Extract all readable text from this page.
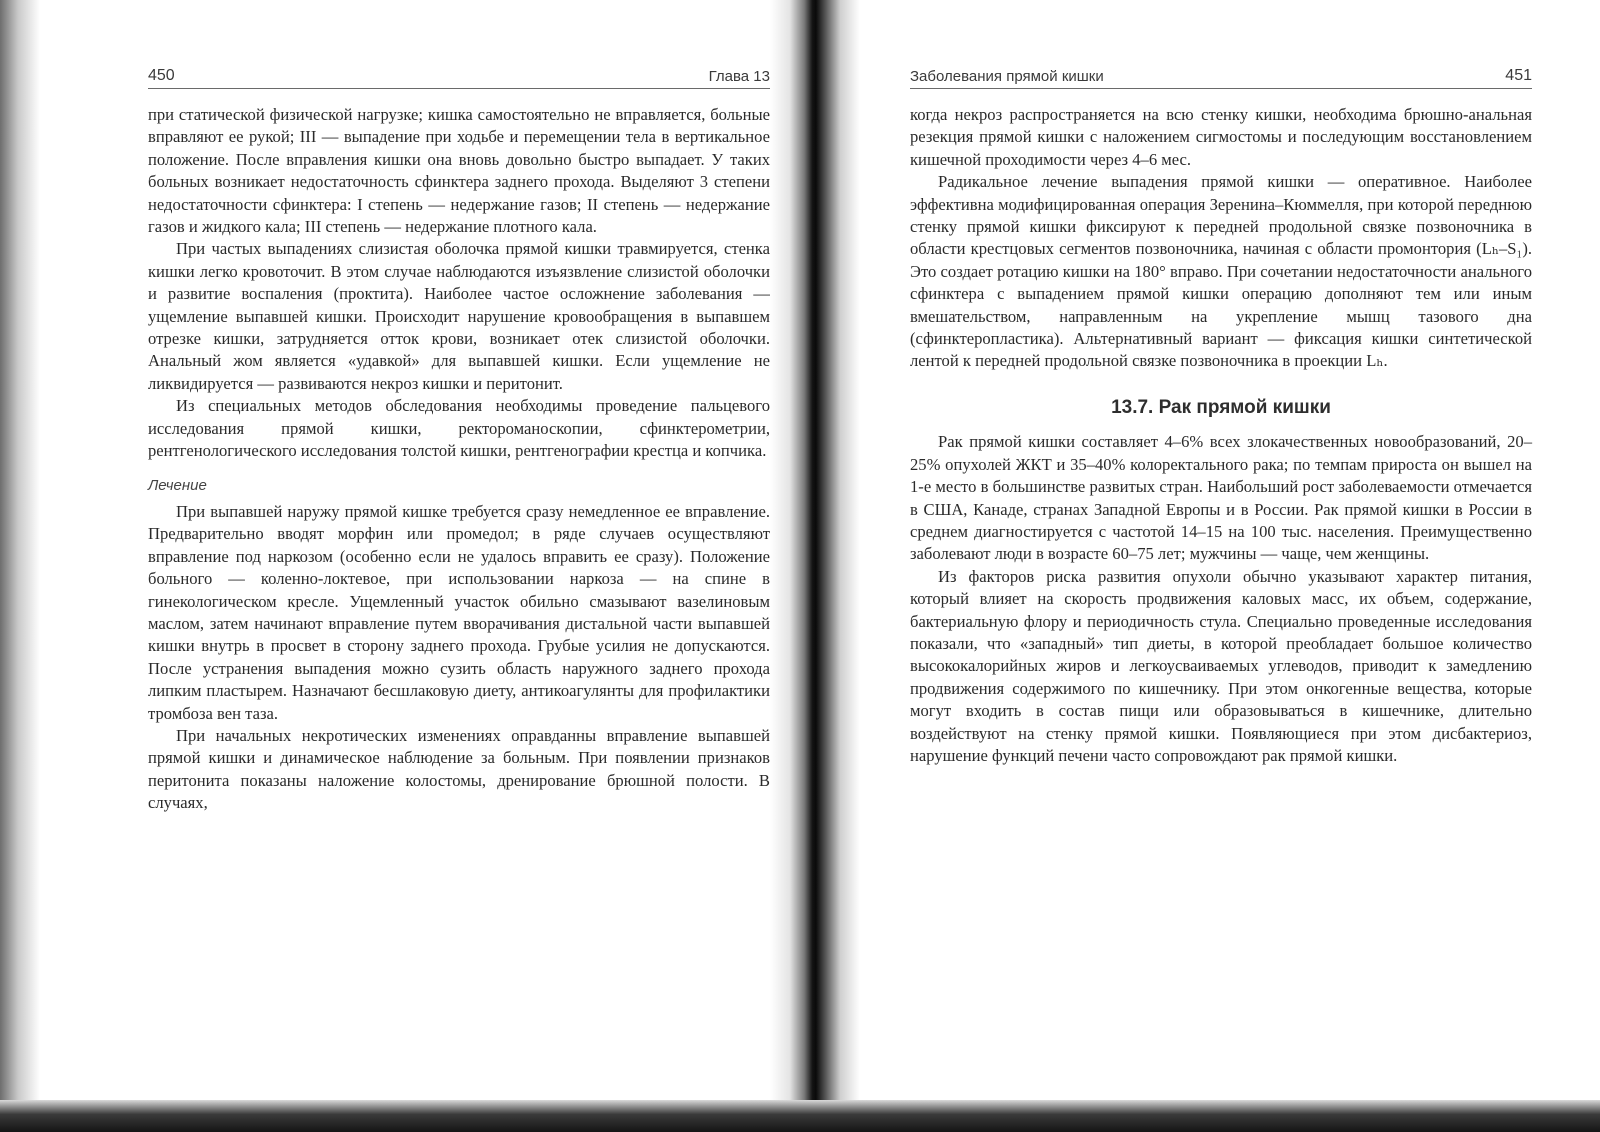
450	Глава 13

при статической физической нагрузке; кишка самостоятельно не вправляется, больные вправляют ее рукой; III — выпадение при ходьбе и перемещении тела в вертикальное положение. После вправления кишки она вновь довольно быстро выпадает. У таких больных возникает недостаточность сфинктера заднего прохода. Выделяют 3 степени недостаточности сфинктера: I степень — недержание газов; II степень — недержание газов и жидкого кала; III степень — недержание плотного кала.

При частых выпадениях слизистая оболочка прямой кишки травмируется, стенка кишки легко кровоточит. В этом случае наблюдаются изъязвление слизистой оболочки и развитие воспаления (проктита). Наиболее частое осложнение заболевания — ущемление выпавшей кишки. Происходит нарушение кровообращения в выпавшем отрезке кишки, затрудняется отток крови, возникает отек слизистой оболочки. Анальный жом является «удавкой» для выпавшей кишки. Если ущемление не ликвидируется — развиваются некроз кишки и перитонит.

Из специальных методов обследования необходимы проведение пальцевого исследования прямой кишки, ректороманоскопии, сфинктерометрии, рентгенологического исследования толстой кишки, рентгенографии крестца и копчика.

Лечение

При выпавшей наружу прямой кишке требуется сразу немедленное ее вправление. Предварительно вводят морфин или промедол; в ряде случаев осуществляют вправление под наркозом (особенно если не удалось вправить ее сразу). Положение больного — коленно-локтевое, при использовании наркоза — на спине в гинекологическом кресле. Ущемленный участок обильно смазывают вазелиновым маслом, затем начинают вправление путем вворачивания дистальной части выпавшей кишки внутрь в просвет в сторону заднего прохода. Грубые усилия не допускаются. После устранения выпадения можно сузить область наружного заднего прохода липким пластырем. Назначают бесшлаковую диету, антикоагулянты для профилактики тромбоза вен таза.

При начальных некротических изменениях оправданны вправление выпавшей прямой кишки и динамическое наблюдение за больным. При появлении признаков перитонита показаны наложение колостомы, дренирование брюшной полости. В случаях,

Заболевания прямой кишки	451

когда некроз распространяется на всю стенку кишки, необходима брюшно-анальная резекция прямой кишки с наложением сигмостомы и последующим восстановлением кишечной проходимости через 4–6 мес.

Радикальное лечение выпадения прямой кишки — оперативное. Наиболее эффективна модифицированная операция Зеренина–Кюммелля, при которой переднюю стенку прямой кишки фиксируют к передней продольной связке позвоночника в области крестцовых сегментов позвоночника, начиная с области промонтория (Lₕ–S₁). Это создает ротацию кишки на 180° вправо. При сочетании недостаточности анального сфинктера с выпадением прямой кишки операцию дополняют тем или иным вмешательством, направленным на укрепление мышц тазового дна (сфинктеропластика). Альтернативный вариант — фиксация кишки синтетической лентой к передней продольной связке позвоночника в проекции Lₕ.

13.7. Рак прямой кишки

Рак прямой кишки составляет 4–6% всех злокачественных новообразований, 20–25% опухолей ЖКТ и 35–40% колоректального рака; по темпам прироста он вышел на 1-е место в большинстве развитых стран. Наибольший рост заболеваемости отмечается в США, Канаде, странах Западной Европы и в России. Рак прямой кишки в России в среднем диагностируется с частотой 14–15 на 100 тыс. населения. Преимущественно заболевают люди в возрасте 60–75 лет; мужчины — чаще, чем женщины.

Из факторов риска развития опухоли обычно указывают характер питания, который влияет на скорость продвижения каловых масс, их объем, содержание, бактериальную флору и периодичность стула. Специально проведенные исследования показали, что «западный» тип диеты, в которой преобладает большое количество высококалорийных жиров и легкоусваиваемых углеводов, приводит к замедлению продвижения содержимого по кишечнику. При этом онкогенные вещества, которые могут входить в состав пищи или образовываться в кишечнике, длительно воздействуют на стенку прямой кишки. Появляющиеся при этом дисбактериоз, нарушение функций печени часто сопровождают рак прямой кишки.
